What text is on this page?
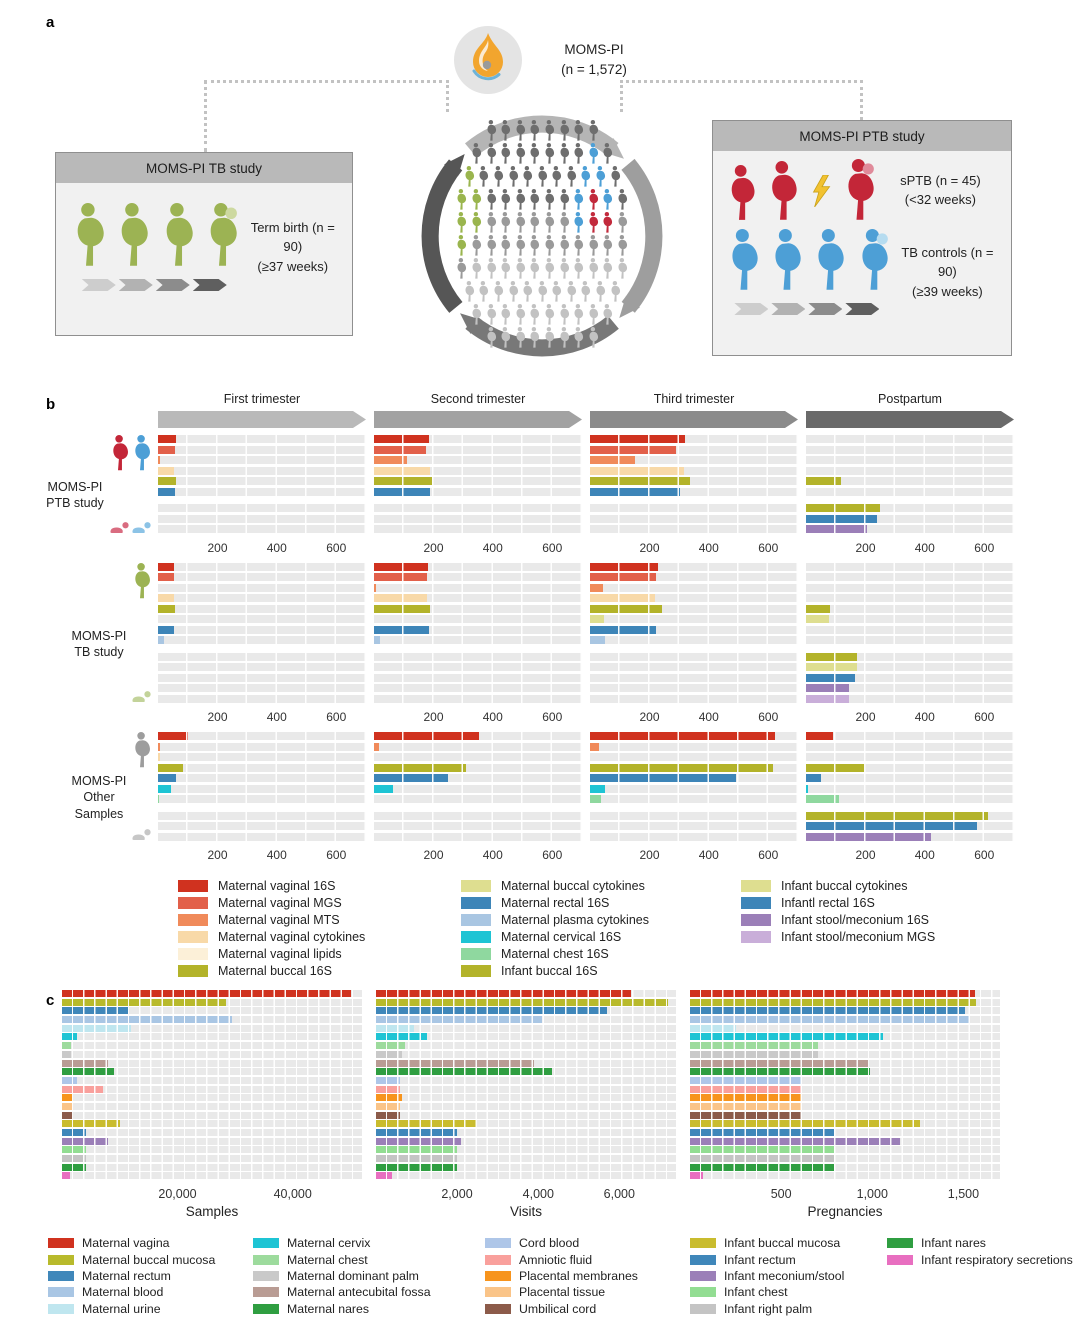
a
MOMS-PI
(n = 1,572)
MOMS-PI TB study
Term birth (n = 90)
(≥37 weeks)
MOMS-PI PTB study
sPTB (n = 45)
(<32 weeks)
TB controls (n = 90)
(≥39 weeks)
b	First trimester	Second trimester	Third trimester	Postpartum
MOMS-PI
PTB study
200	400	600	200	400	600	200	400	600	200	400	600
MOMS-PI
TB study
200	400	600	200	400	600	200	400	600	200	400	600
MOMS-PI
Other
Samples
200	400	600	200	400	600	200	400	600	200	400	600
Maternal vaginal 16S
Maternal vaginal MGS
Maternal vaginal MTS
Maternal vaginal cytokines
Maternal vaginal lipids
Maternal buccal 16S
Maternal buccal cytokines
Maternal rectal 16S
Maternal plasma cytokines
Maternal cervical 16S
Maternal chest 16S
Infant buccal 16S
Infant buccal cytokines
Infantl rectal 16S
Infant stool/meconium 16S
Infant stool/meconium MGS
c
20,000	40,000
Samples
2,000	4,000	6,000
Visits
500	1,000	1,500
Pregnancies
Maternal vagina
Maternal buccal mucosa
Maternal rectum
Maternal blood
Maternal urine
Maternal cervix
Maternal chest
Maternal dominant palm
Maternal antecubital fossa
Maternal nares
Cord blood
Amniotic fluid
Placental membranes
Placental tissue
Umbilical cord
Infant buccal mucosa
Infant rectum
Infant meconium/stool
Infant chest
Infant right palm
Infant nares
Infant respiratory secretions
